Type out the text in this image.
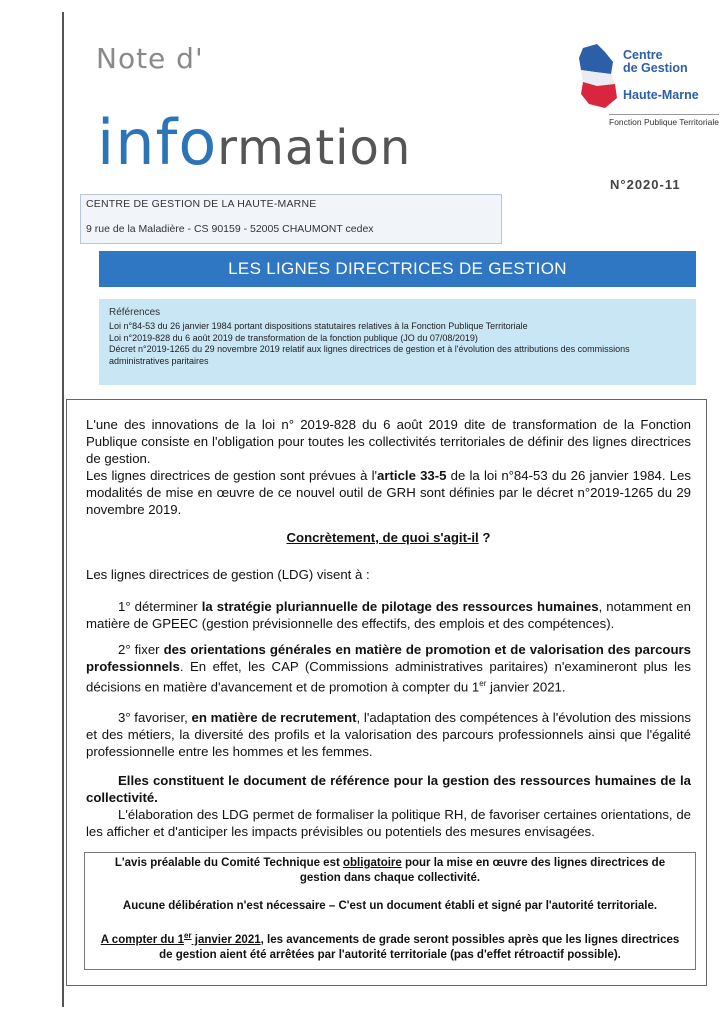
Note d'
information
N°2020-11
CENTRE DE GESTION DE LA HAUTE-MARNE
9 rue de la Maladière - CS 90159 - 52005 CHAUMONT cedex
Centre
de Gestion
Haute-Marne
Fonction Publique Territoriale
LES LIGNES DIRECTRICES DE GESTION
Références
Loi n°84-53 du 26 janvier 1984 portant dispositions statutaires relatives à la Fonction Publique Territoriale
Loi n°2019-828 du 6 août 2019 de transformation de la fonction publique (JO du 07/08/2019)
Décret n°2019-1265 du 29 novembre 2019 relatif aux lignes directrices de gestion et à l'évolution des attributions des commissions administratives paritaires
L'une des innovations de la loi n° 2019-828 du 6 août 2019 dite de transformation de la Fonction Publique consiste en l'obligation pour toutes les collectivités territoriales de définir des lignes directrices de gestion.
Les lignes directrices de gestion sont prévues à l'article 33-5 de la loi n°84-53 du 26 janvier 1984. Les modalités de mise en œuvre de ce nouvel outil de GRH sont définies par le décret n°2019-1265 du 29 novembre 2019.
Concrètement, de quoi s'agit-il ?
Les lignes directrices de gestion (LDG) visent à :
1° déterminer la stratégie pluriannuelle de pilotage des ressources humaines, notamment en matière de GPEEC (gestion prévisionnelle des effectifs, des emplois et des compétences).
2° fixer des orientations générales en matière de promotion et de valorisation des parcours professionnels. En effet, les CAP (Commissions administratives paritaires) n'examineront plus les décisions en matière d'avancement et de promotion à compter du 1er janvier 2021.
3° favoriser, en matière de recrutement, l'adaptation des compétences à l'évolution des missions et des métiers, la diversité des profils et la valorisation des parcours professionnels ainsi que l'égalité professionnelle entre les hommes et les femmes.
Elles constituent le document de référence pour la gestion des ressources humaines de la collectivité.
L'élaboration des LDG permet de formaliser la politique RH, de favoriser certaines orientations, de les afficher et d'anticiper les impacts prévisibles ou potentiels des mesures envisagées.
L'avis préalable du Comité Technique est obligatoire pour la mise en œuvre des lignes directrices de gestion dans chaque collectivité.
Aucune délibération n'est nécessaire – C'est un document établi et signé par l'autorité territoriale.
A compter du 1er janvier 2021, les avancements de grade seront possibles après que les lignes directrices de gestion aient été arrêtées par l'autorité territoriale (pas d'effet rétroactif possible).
